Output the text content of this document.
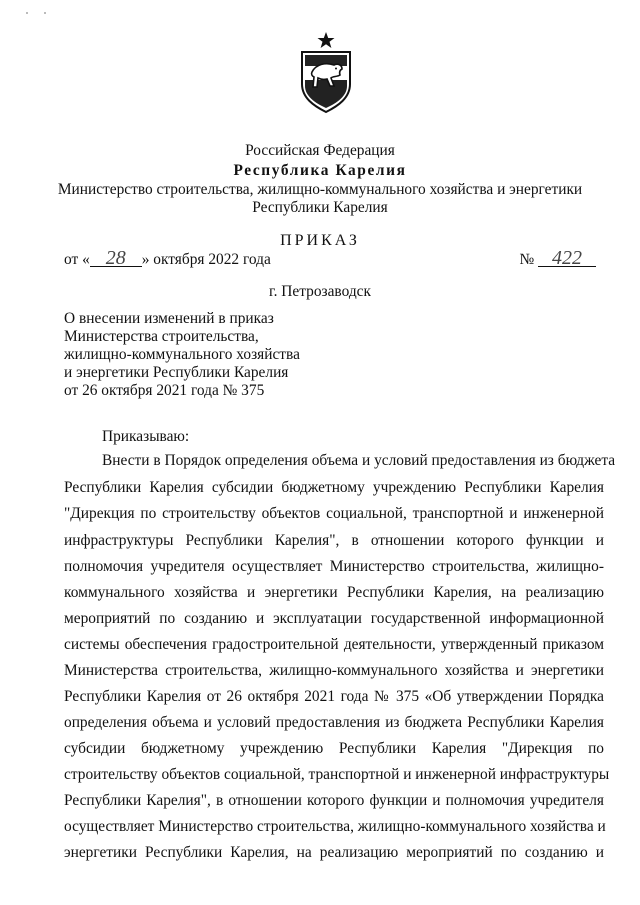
Российская Федерация
Республика Карелия
Министерство строительства, жилищно-коммунального хозяйства и энергетики
Республики Карелия
ПРИКАЗ
от « 28 » октября 2022 года	№ 422
г. Петрозаводск
О внесении изменений в приказ
Министерства строительства,
жилищно-коммунального хозяйства
и энергетики Республики Карелия
от 26 октября 2021 года № 375
Приказываю:
Внести в Порядок определения объема и условий предоставления из бюджета
Республики Карелия субсидии бюджетному учреждению Республики Карелия
"Дирекция по строительству объектов социальной, транспортной и инженерной
инфраструктуры Республики Карелия", в отношении которого функции и
полномочия учредителя осуществляет Министерство строительства, жилищно-
коммунального хозяйства и энергетики Республики Карелия, на реализацию
мероприятий по созданию и эксплуатации государственной информационной
системы обеспечения градостроительной деятельности, утвержденный приказом
Министерства строительства, жилищно-коммунального хозяйства и энергетики
Республики Карелия от 26 октября 2021 года № 375 «Об утверждении Порядка
определения объема и условий предоставления из бюджета Республики Карелия
субсидии бюджетному учреждению Республики Карелия "Дирекция по
строительству объектов социальной, транспортной и инженерной инфраструктуры
Республики Карелия", в отношении которого функции и полномочия учредителя
осуществляет Министерство строительства, жилищно-коммунального хозяйства и
энергетики Республики Карелия, на реализацию мероприятий по созданию и
